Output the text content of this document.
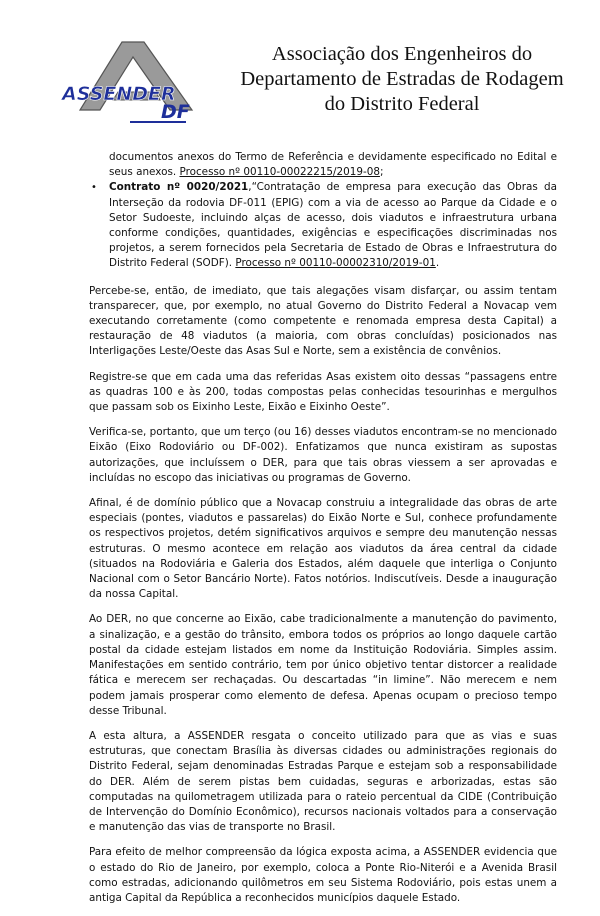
ASSENDER
DF
Associação dos Engenheiros do
Departamento de Estradas de Rodagem
do Distrito Federal
documentos anexos do Termo de Referência e devidamente especificado no Edital e seus anexos. Processo nº 00110-00022215/2019-08;
• Contrato nº 0020/2021,“Contratação de empresa para execução das Obras da Interseção da rodovia DF-011 (EPIG) com a via de acesso ao Parque da Cidade e o Setor Sudoeste, incluindo alças de acesso, dois viadutos e infraestrutura urbana conforme condições, quantidades, exigências e especificações discriminadas nos projetos, a serem fornecidos pela Secretaria de Estado de Obras e Infraestrutura do Distrito Federal (SODF). Processo nº 00110-00002310/2019-01.

Percebe-se, então, de imediato, que tais alegações visam disfarçar, ou assim tentam transparecer, que, por exemplo, no atual Governo do Distrito Federal a Novacap vem executando corretamente (como competente e renomada empresa desta Capital) a restauração de 48 viadutos (a maioria, com obras concluídas) posicionados nas Interligações Leste/Oeste das Asas Sul e Norte, sem a existência de convênios.

Registre-se que em cada uma das referidas Asas existem oito dessas “passagens entre as quadras 100 e às 200, todas compostas pelas conhecidas tesourinhas e mergulhos que passam sob os Eixinho Leste, Eixão e Eixinho Oeste”.

Verifica-se, portanto, que um terço (ou 16) desses viadutos encontram-se no mencionado Eixão (Eixo Rodoviário ou DF-002). Enfatizamos que nunca existiram as supostas autorizações, que incluíssem o DER, para que tais obras viessem a ser aprovadas e incluídas no escopo das iniciativas ou programas de Governo.

Afinal, é de domínio público que a Novacap construiu a integralidade das obras de arte especiais (pontes, viadutos e passarelas) do Eixão Norte e Sul, conhece profundamente os respectivos projetos, detém significativos arquivos e sempre deu manutenção nessas estruturas. O mesmo acontece em relação aos viadutos da área central da cidade (situados na Rodoviária e Galeria dos Estados, além daquele que interliga o Conjunto Nacional com o Setor Bancário Norte). Fatos notórios. Indiscutíveis. Desde a inauguração da nossa Capital.

Ao DER, no que concerne ao Eixão, cabe tradicionalmente a manutenção do pavimento, a sinalização, e a gestão do trânsito, embora todos os próprios ao longo daquele cartão postal da cidade estejam listados em nome da Instituição Rodoviária. Simples assim. Manifestações em sentido contrário, tem por único objetivo tentar distorcer a realidade fática e merecem ser rechaçadas. Ou descartadas “in limine”. Não merecem e nem podem jamais prosperar como elemento de defesa. Apenas ocupam o precioso tempo desse Tribunal.

A esta altura, a ASSENDER resgata o conceito utilizado para que as vias e suas estruturas, que conectam Brasília às diversas cidades ou administrações regionais do Distrito Federal, sejam denominadas Estradas Parque e estejam sob a responsabilidade do DER. Além de serem pistas bem cuidadas, seguras e arborizadas, estas são computadas na quilometragem utilizada para o rateio percentual da CIDE (Contribuição de Intervenção do Domínio Econômico), recursos nacionais voltados para a conservação e manutenção das vias de transporte no Brasil.

Para efeito de melhor compreensão da lógica exposta acima, a ASSENDER evidencia que o estado do Rio de Janeiro, por exemplo, coloca a Ponte Rio-Niterói e a Avenida Brasil como estradas, adicionando quilômetros em seu Sistema Rodoviário, pois estas unem a antiga Capital da República a reconhecidos municípios daquele Estado.
